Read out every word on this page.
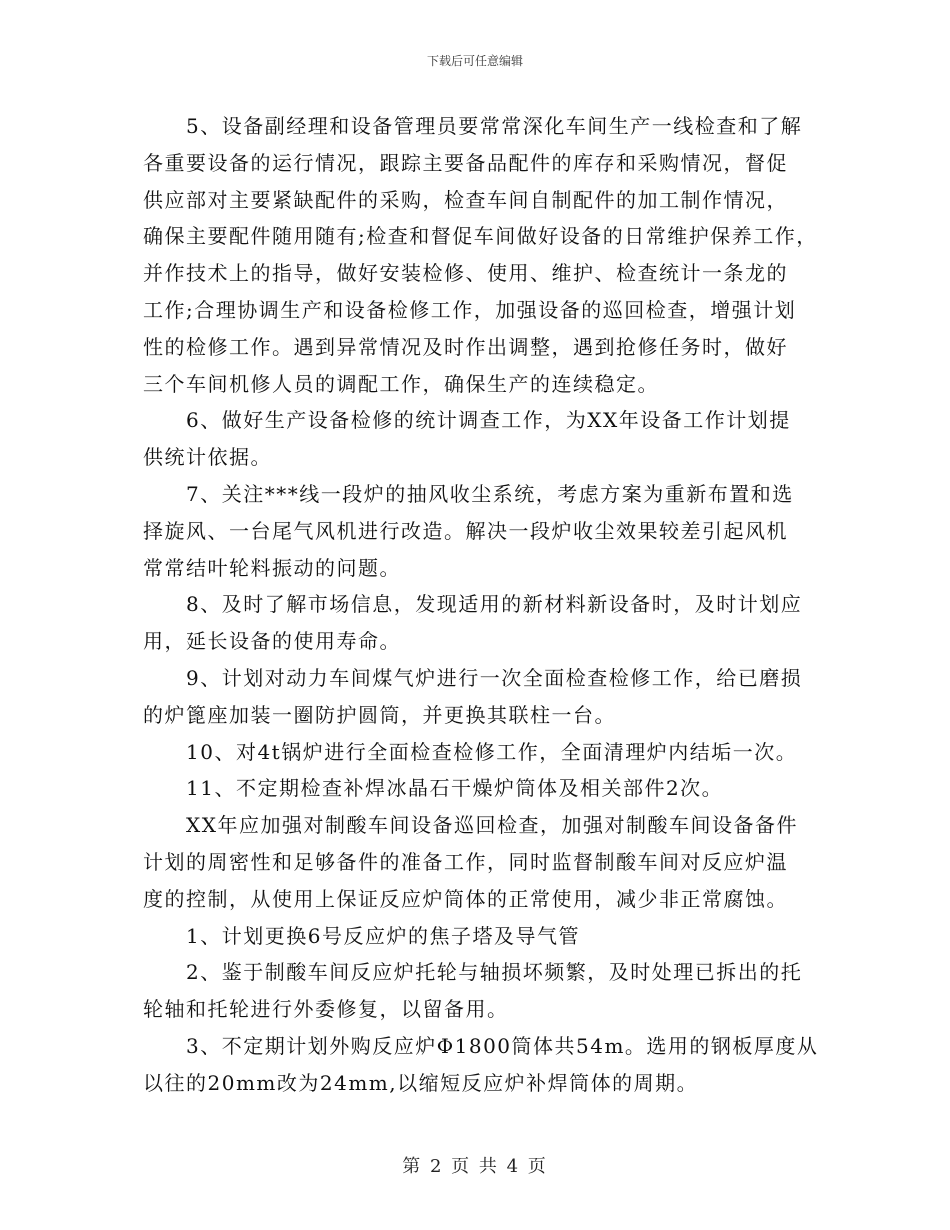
下载后可任意编辑
5、设备副经理和设备管理员要常常深化车间生产一线检查和了解
各重要设备的运行情况，跟踪主要备品配件的库存和采购情况，督促
供应部对主要紧缺配件的采购，检查车间自制配件的加工制作情况，
确保主要配件随用随有;检查和督促车间做好设备的日常维护保养工作，
并作技术上的指导，做好安装检修、使用、维护、检查统计一条龙的
工作;合理协调生产和设备检修工作，加强设备的巡回检查，增强计划
性的检修工作。遇到异常情况及时作出调整，遇到抢修任务时，做好
三个车间机修人员的调配工作，确保生产的连续稳定。
6、做好生产设备检修的统计调查工作，为XX年设备工作计划提
供统计依据。
7、关注***线一段炉的抽风收尘系统，考虑方案为重新布置和选
择旋风、一台尾气风机进行改造。解决一段炉收尘效果较差引起风机
常常结叶轮料振动的问题。
8、及时了解市场信息，发现适用的新材料新设备时，及时计划应
用，延长设备的使用寿命。
9、计划对动力车间煤气炉进行一次全面检查检修工作，给已磨损
的炉篦座加装一圈防护圆筒，并更换其联柱一台。
10、对4t锅炉进行全面检查检修工作，全面清理炉内结垢一次。
11、不定期检查补焊冰晶石干燥炉筒体及相关部件2次。
XX年应加强对制酸车间设备巡回检查，加强对制酸车间设备备件
计划的周密性和足够备件的准备工作，同时监督制酸车间对反应炉温
度的控制，从使用上保证反应炉筒体的正常使用，减少非正常腐蚀。
1、计划更换6号反应炉的焦子塔及导气管
2、鉴于制酸车间反应炉托轮与轴损坏频繁，及时处理已拆出的托
轮轴和托轮进行外委修复，以留备用。
3、不定期计划外购反应炉Φ1800筒体共54m。选用的钢板厚度从
以往的20mm改为24mm,以缩短反应炉补焊筒体的周期。
第 2 页 共 4 页
